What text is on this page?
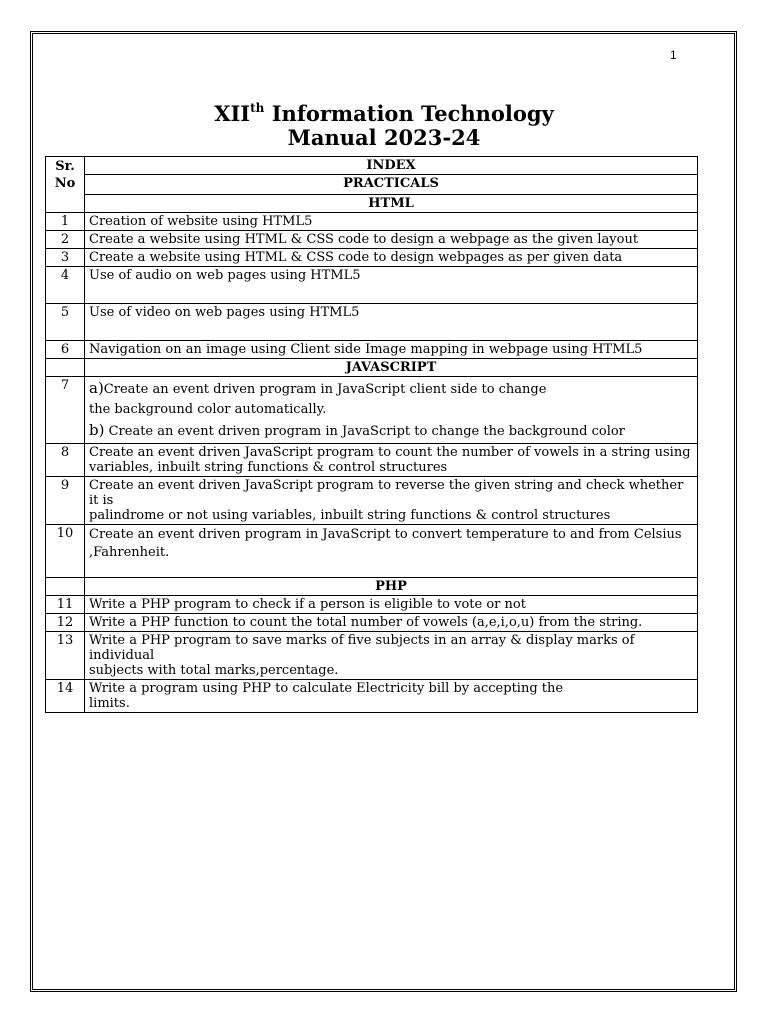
1
XIIth Information Technology
Manual 2023-24
Sr.
No	INDEX
	PRACTICALS
	HTML
1	Creation of website using HTML5
2	Create a website using HTML & CSS code to design a webpage as the given layout
3	Create a website using HTML & CSS code to design webpages as per given data
4	Use of audio on web pages using HTML5
5	Use of video on web pages using HTML5
6	Navigation on an image using Client side Image mapping in webpage using HTML5
	JAVASCRIPT
7	a)Create an event driven program in JavaScript client side to change
the background color automatically.
b) Create an event driven program in JavaScript to change the background color
8	Create an event driven JavaScript program to count the number of vowels in a string using
variables, inbuilt string functions & control structures
9	Create an event driven JavaScript program to reverse the given string and check whether it is
palindrome or not using variables, inbuilt string functions & control structures
10	Create an event driven program in JavaScript to convert temperature to and from Celsius
,Fahrenheit.
	PHP
11	Write a PHP program to check if a person is eligible to vote or not
12	Write a PHP function to count the total number of vowels (a,e,i,o,u) from the string.
13	Write a PHP program to save marks of five subjects in an array & display marks of individual
subjects with total marks,percentage.
14	Write a program using PHP to calculate Electricity bill by accepting the
limits.
